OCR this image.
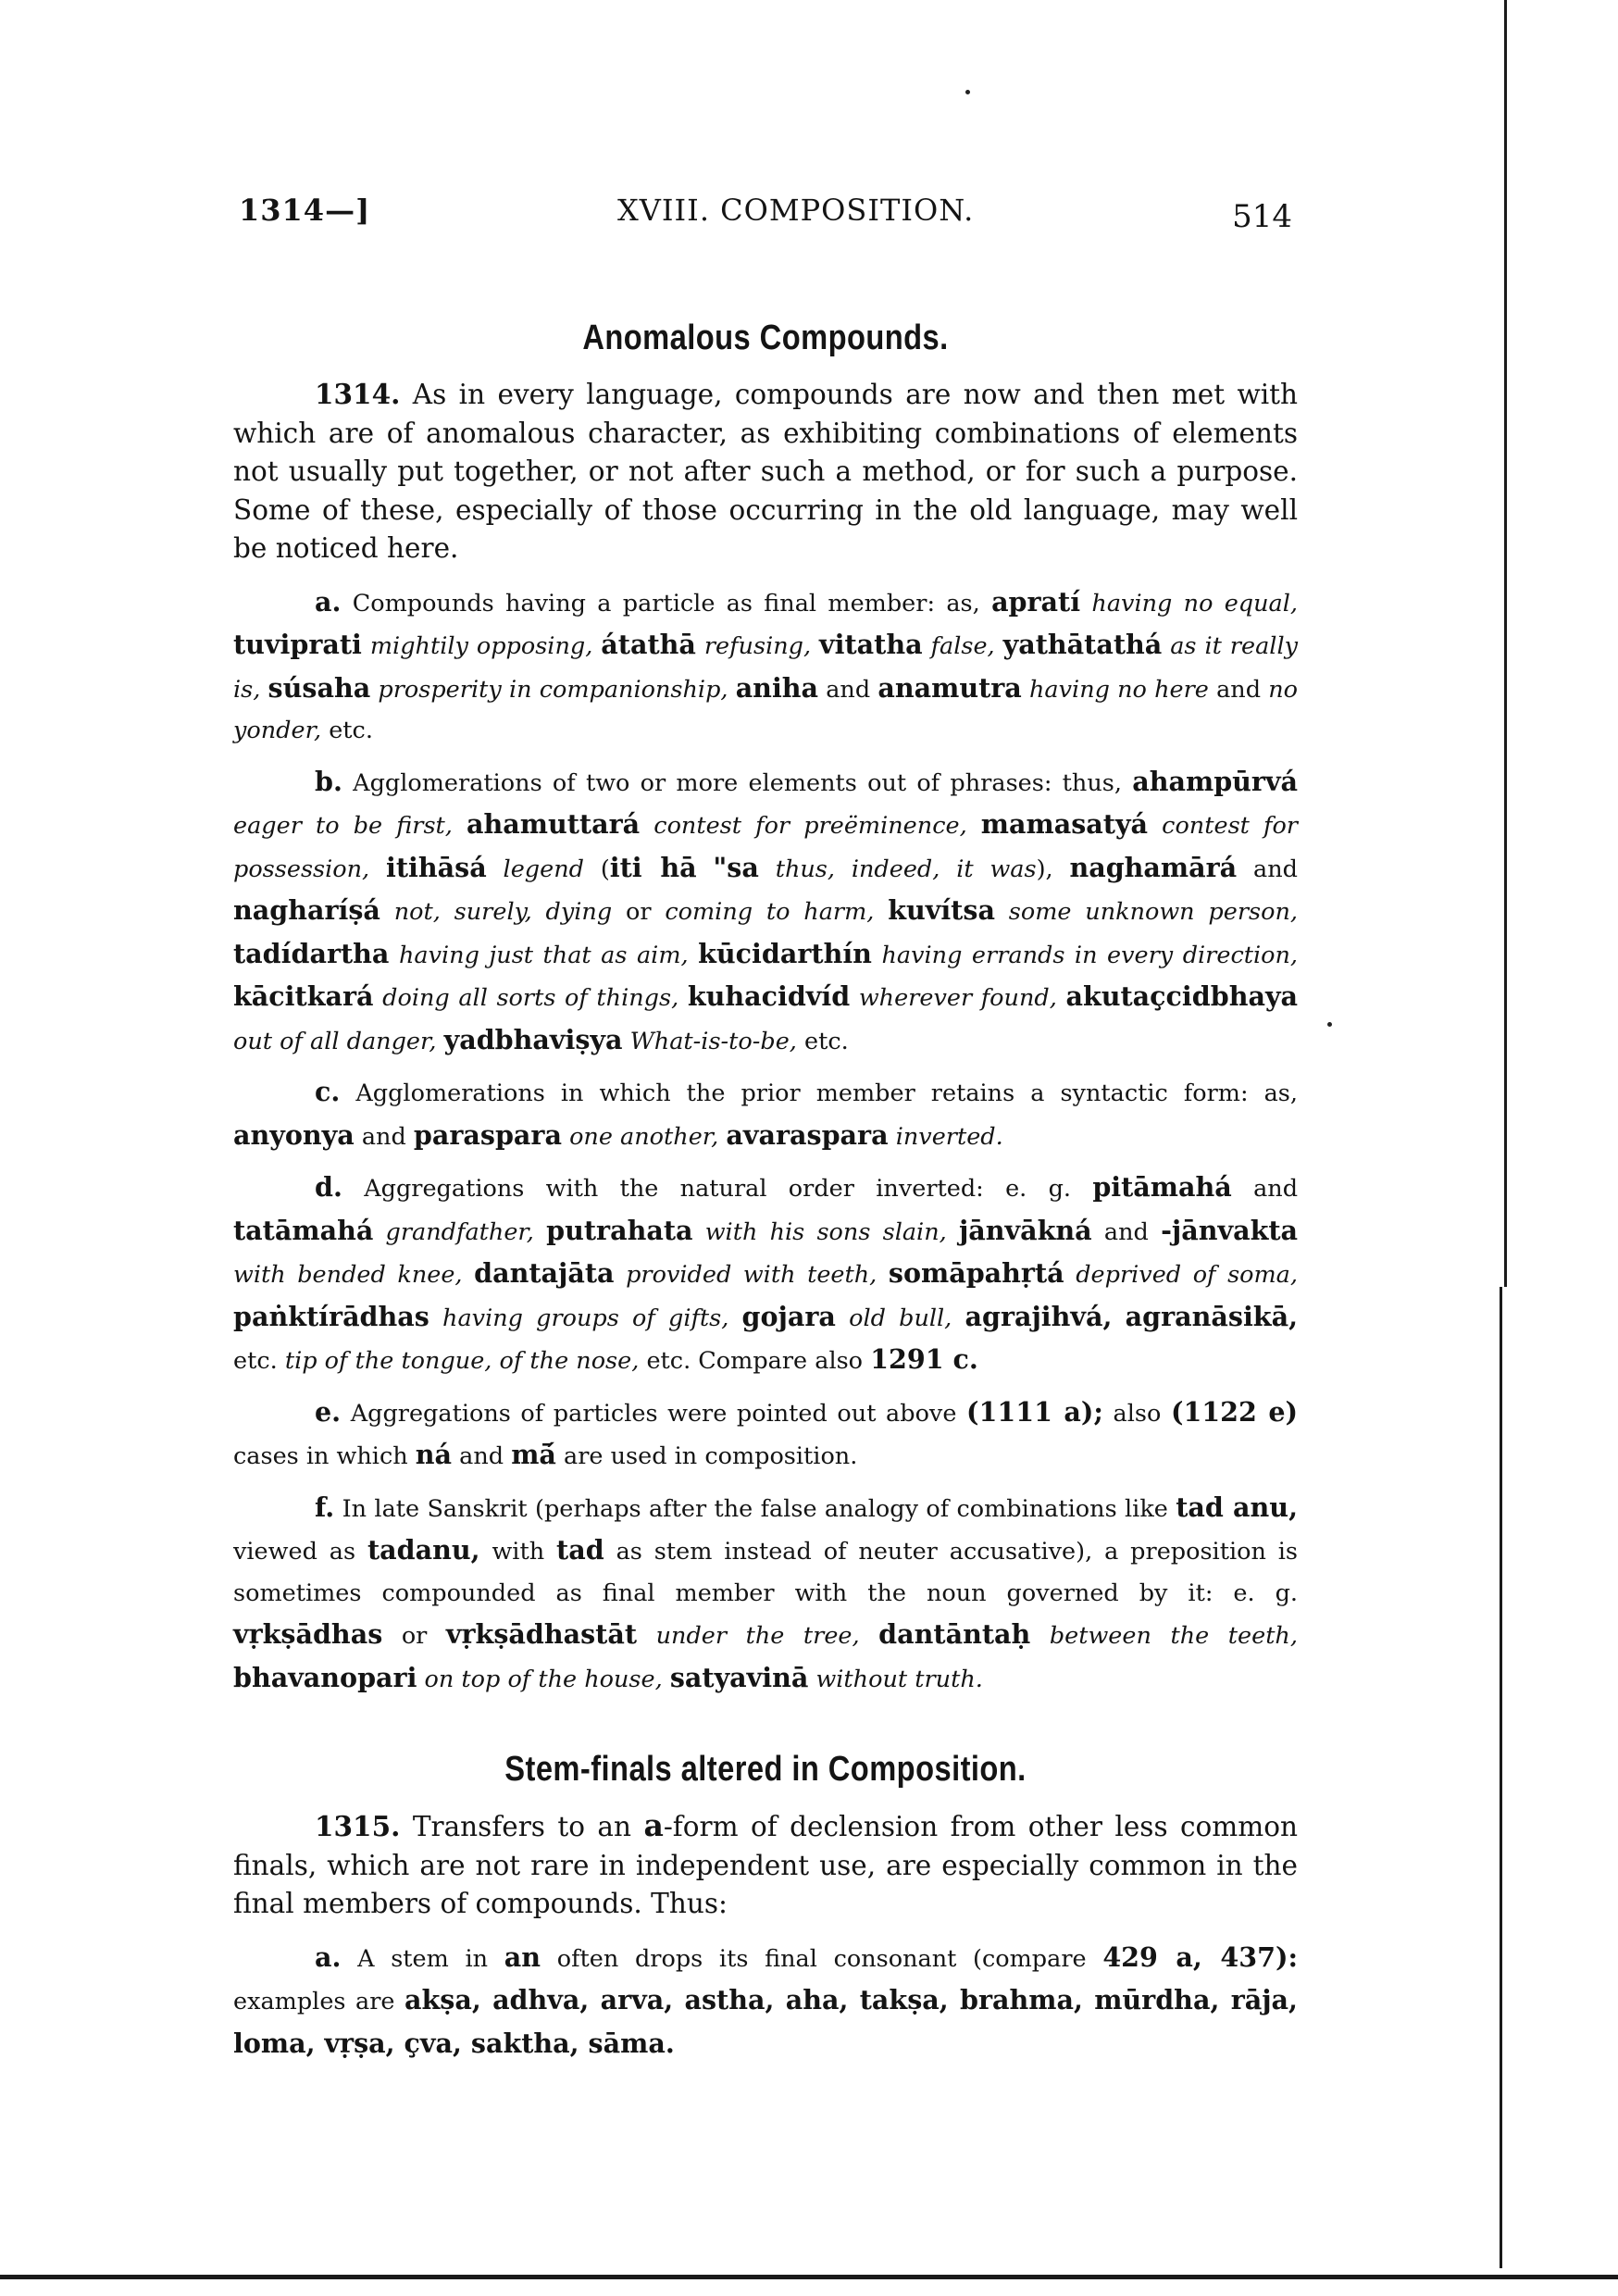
1314—]	XVIII. COMPOSITION.	514
Anomalous Compounds.

1314. As in every language, compounds are now and then met with which are of anomalous character, as exhibiting combinations of elements not usually put together, or not after such a method, or for such a purpose. Some of these, especially of those occurring in the old language, may well be noticed here.

a. Compounds having a particle as final member: as, apratí having no equal, tuviprati mightily opposing, átathā refusing, vitatha false, yathātathá as it really is, súsaha prosperity in companionship, aniha and anamutra having no here and no yonder, etc.

b. Agglomerations of two or more elements out of phrases: thus, ahampūrvá eager to be first, ahamuttará contest for preëminence, mamasatyá contest for possession, itihāsá legend (iti hā "sa thus, indeed, it was), naghamārá and nagharíṣá not, surely, dying or coming to harm, kuvítsa some unknown person, tadídartha having just that as aim, kūcidarthín having errands in every direction, kācitkará doing all sorts of things, kuhacidvíd wherever found, akutaçcidbhaya out of all danger, yadbhaviṣya What-is-to-be, etc.

c. Agglomerations in which the prior member retains a syntactic form: as, anyonya and paraspara one another, avaraspara inverted.

d. Aggregations with the natural order inverted: e. g. pitāmahá and tatāmahá grandfather, putrahata with his sons slain, jānvākná and -jānvakta with bended knee, dantajāta provided with teeth, somāpahṛtá deprived of soma, paṅktírādhas having groups of gifts, gojara old bull, agrajihvá, agranāsikā, etc. tip of the tongue, of the nose, etc. Compare also 1291 c.

e. Aggregations of particles were pointed out above (1111 a); also (1122 e) cases in which ná and mā́ are used in composition.

f. In late Sanskrit (perhaps after the false analogy of combinations like tad anu, viewed as tadanu, with tad as stem instead of neuter accusative), a preposition is sometimes compounded as final member with the noun governed by it: e. g. vṛkṣādhas or vṛkṣādhastāt under the tree, dantāntaḥ between the teeth, bhavanopari on top of the house, satyavinā without truth.

Stem-finals altered in Composition.

1315. Transfers to an a-form of declension from other less common finals, which are not rare in independent use, are especially common in the final members of compounds. Thus:

a. A stem in an often drops its final consonant (compare 429 a, 437): examples are akṣa, adhva, arva, astha, aha, takṣa, brahma, mūrdha, rāja, loma, vṛṣa, çva, saktha, sāma.
